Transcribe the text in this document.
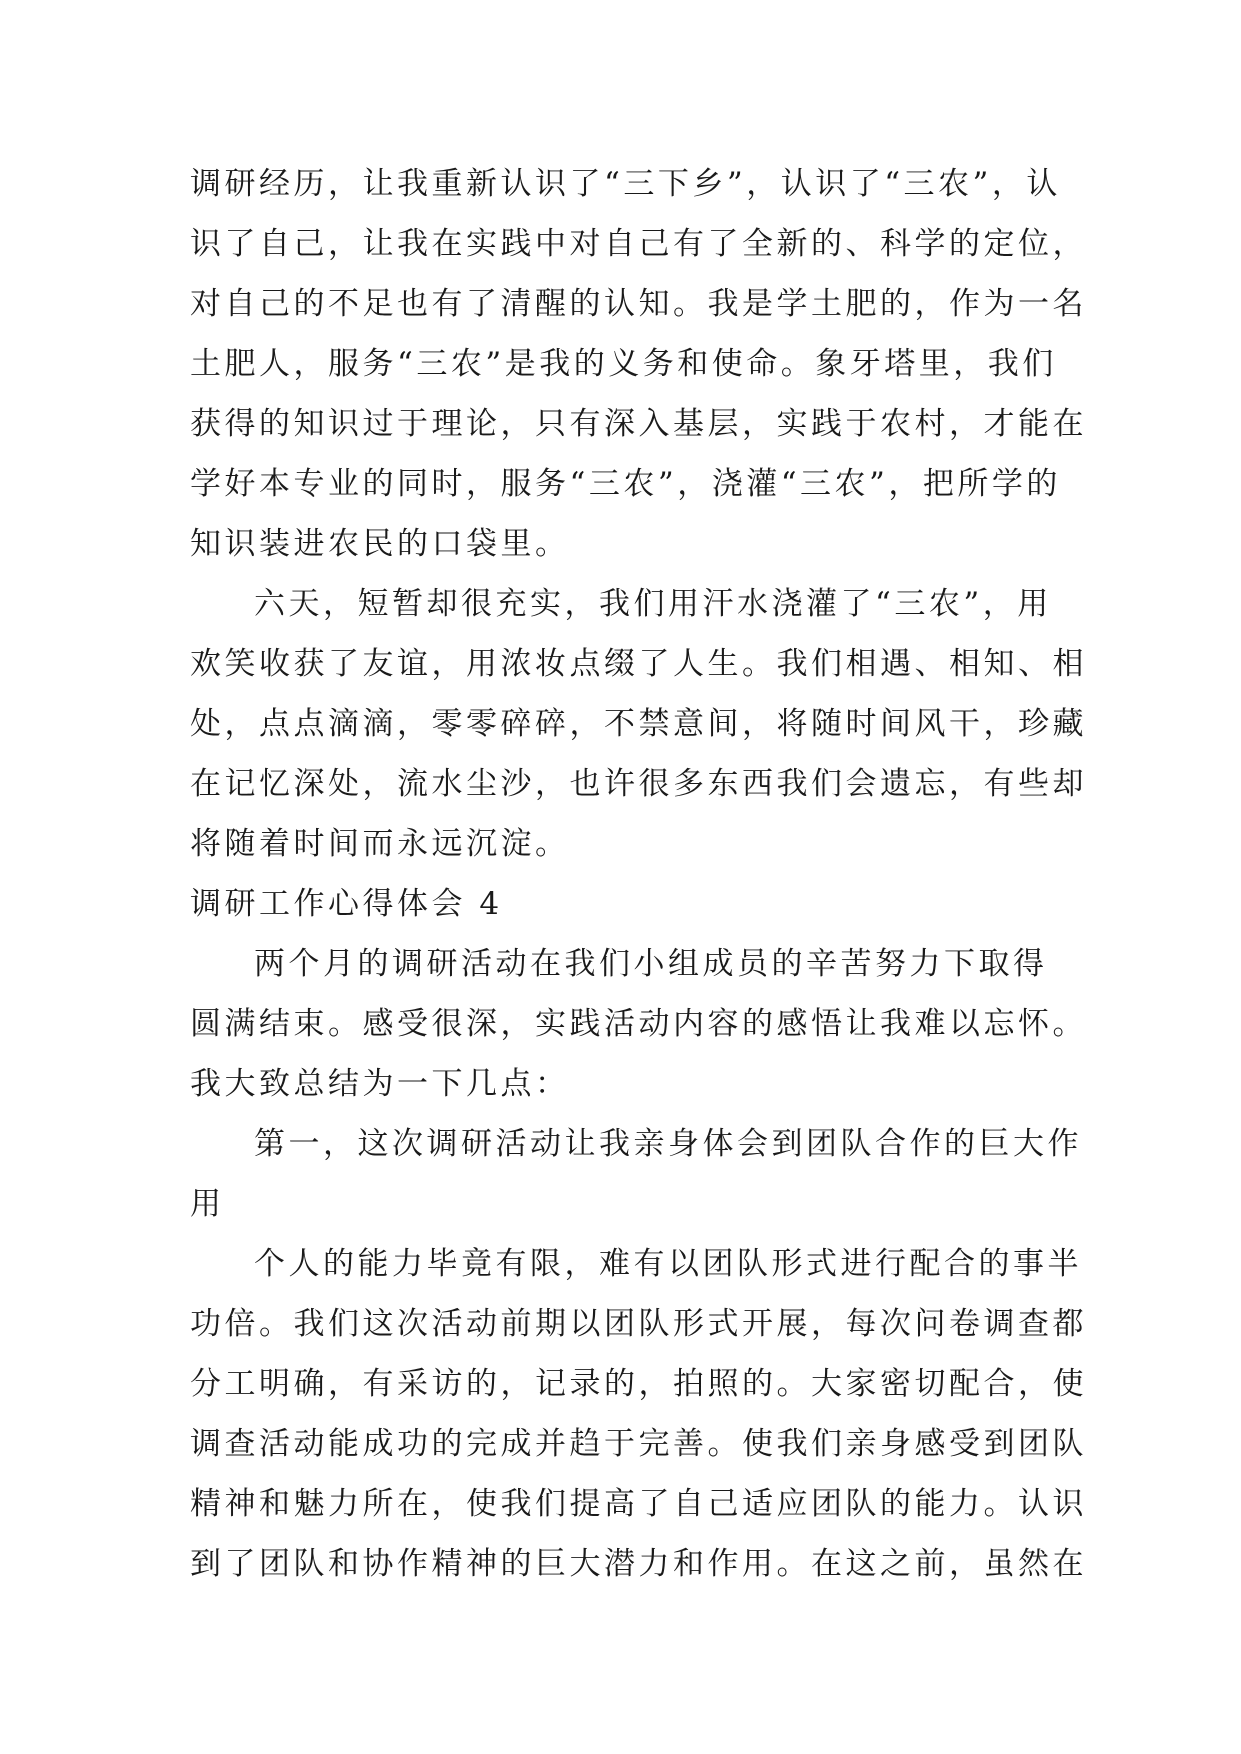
调研经历，让我重新认识了“三下乡”，认识了“三农”，认
识了自己，让我在实践中对自己有了全新的、科学的定位，
对自己的不足也有了清醒的认知。我是学土肥的，作为一名
土肥人，服务“三农”是我的义务和使命。象牙塔里，我们
获得的知识过于理论，只有深入基层，实践于农村，才能在
学好本专业的同时，服务“三农”，浇灌“三农”，把所学的
知识装进农民的口袋里。
六天，短暂却很充实，我们用汗水浇灌了“三农”，用
欢笑收获了友谊，用浓妆点缀了人生。我们相遇、相知、相
处，点点滴滴，零零碎碎，不禁意间，将随时间风干，珍藏
在记忆深处，流水尘沙，也许很多东西我们会遗忘，有些却
将随着时间而永远沉淀。
调研工作心得体会 4
两个月的调研活动在我们小组成员的辛苦努力下取得
圆满结束。感受很深，实践活动内容的感悟让我难以忘怀。
我大致总结为一下几点：
第一，这次调研活动让我亲身体会到团队合作的巨大作
用
个人的能力毕竟有限，难有以团队形式进行配合的事半
功倍。我们这次活动前期以团队形式开展，每次问卷调查都
分工明确，有采访的，记录的，拍照的。大家密切配合，使
调查活动能成功的完成并趋于完善。使我们亲身感受到团队
精神和魅力所在，使我们提高了自己适应团队的能力。认识
到了团队和协作精神的巨大潜力和作用。在这之前，虽然在
